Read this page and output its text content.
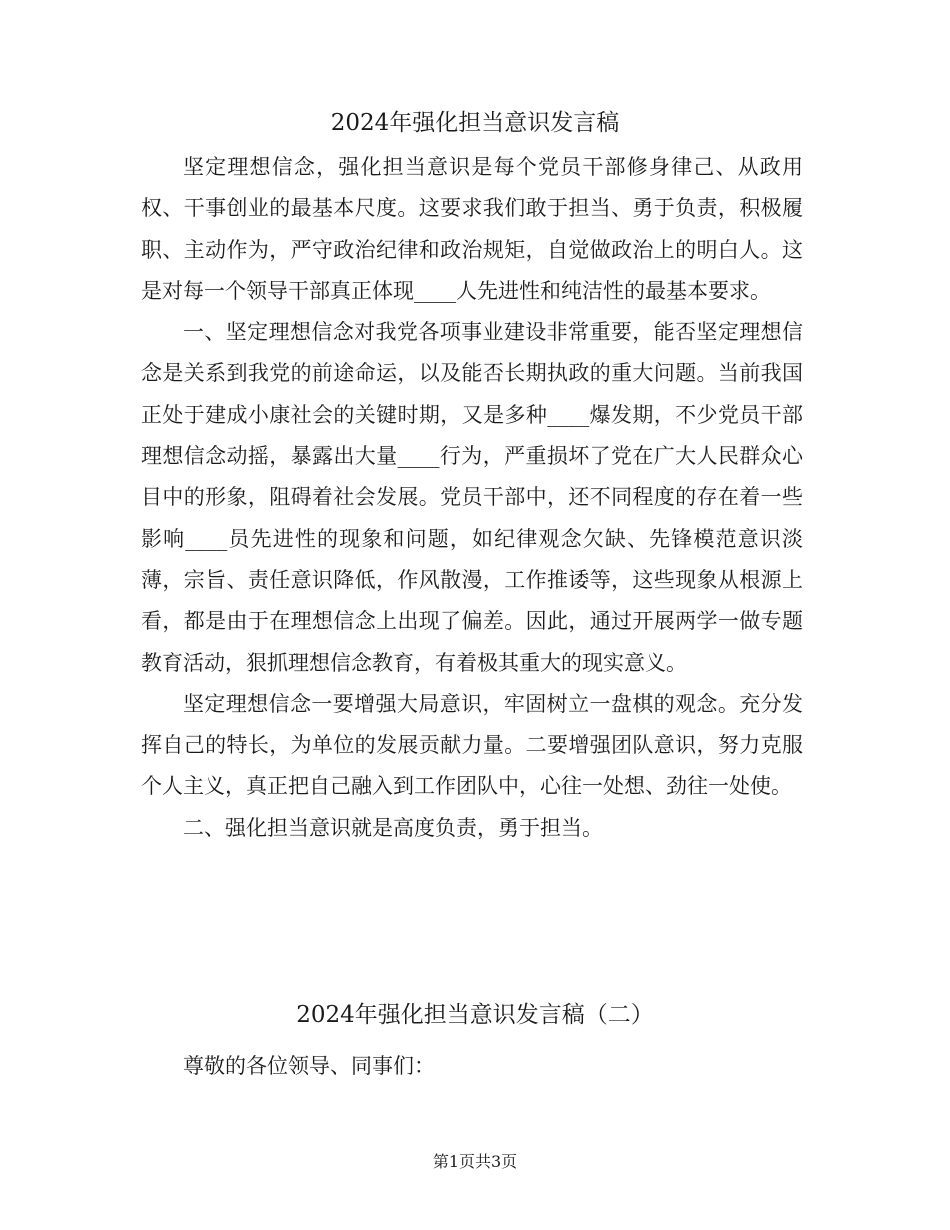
2024年强化担当意识发言稿

坚定理想信念，强化担当意识是每个党员干部修身律己、从政用权、干事创业的最基本尺度。这要求我们敢于担当、勇于负责，积极履职、主动作为，严守政治纪律和政治规矩，自觉做政治上的明白人。这是对每一个领导干部真正体现____人先进性和纯洁性的最基本要求。

一、坚定理想信念对我党各项事业建设非常重要，能否坚定理想信念是关系到我党的前途命运，以及能否长期执政的重大问题。当前我国正处于建成小康社会的关键时期，又是多种____爆发期，不少党员干部理想信念动摇，暴露出大量____行为，严重损坏了党在广大人民群众心目中的形象，阻碍着社会发展。党员干部中，还不同程度的存在着一些影响____员先进性的现象和问题，如纪律观念欠缺、先锋模范意识淡薄，宗旨、责任意识降低，作风散漫，工作推诿等，这些现象从根源上看，都是由于在理想信念上出现了偏差。因此，通过开展两学一做专题教育活动，狠抓理想信念教育，有着极其重大的现实意义。

坚定理想信念一要增强大局意识，牢固树立一盘棋的观念。充分发挥自己的特长，为单位的发展贡献力量。二要增强团队意识，努力克服个人主义，真正把自己融入到工作团队中，心往一处想、劲往一处使。

二、强化担当意识就是高度负责，勇于担当。

2024年强化担当意识发言稿（二）

尊敬的各位领导、同事们：

第1页共3页
